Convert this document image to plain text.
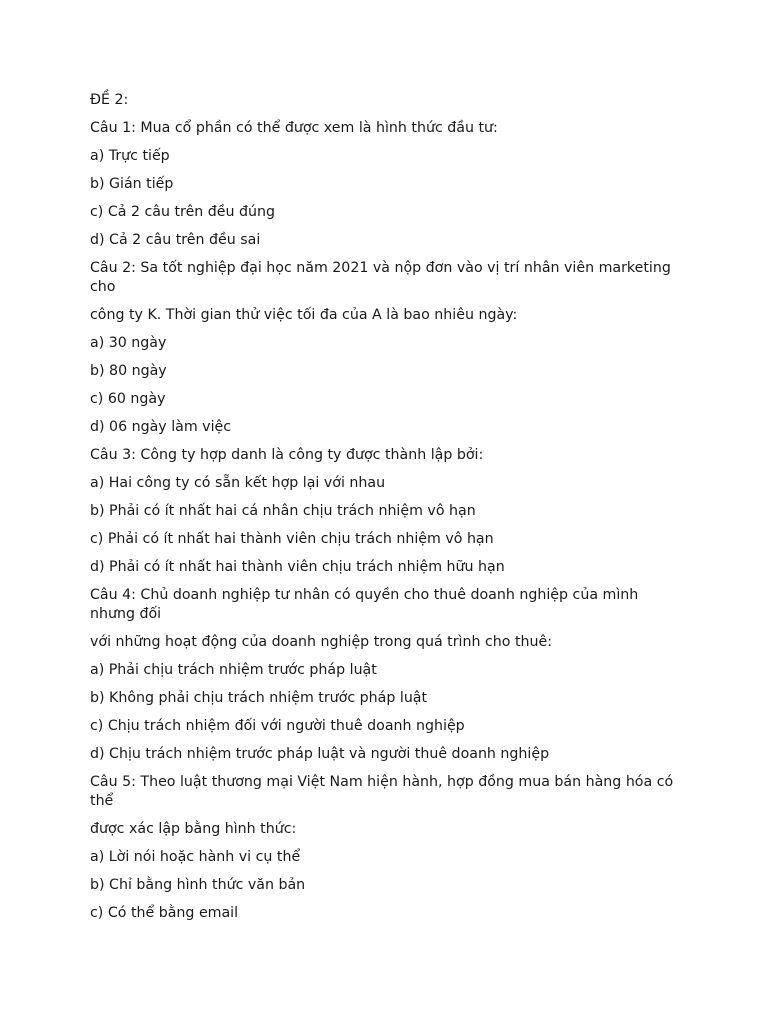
ĐỀ 2:

Câu 1: Mua cổ phần có thể được xem là hình thức đầu tư:

a) Trực tiếp

b) Gián tiếp

c) Cả 2 câu trên đều đúng

d) Cả 2 câu trên đều sai

Câu 2: Sa tốt nghiệp đại học năm 2021 và nộp đơn vào vị trí nhân viên marketing cho

công ty K. Thời gian thử việc tối đa của A là bao nhiêu ngày:

a) 30 ngày

b) 80 ngày

c) 60 ngày

d) 06 ngày làm việc

Câu 3: Công ty hợp danh là công ty được thành lập bởi:

a) Hai công ty có sẵn kết hợp lại với nhau

b) Phải có ít nhất hai cá nhân chịu trách nhiệm vô hạn

c) Phải có ít nhất hai thành viên chịu trách nhiệm vô hạn

d) Phải có ít nhất hai thành viên chịu trách nhiệm hữu hạn

Câu 4: Chủ doanh nghiệp tư nhân có quyền cho thuê doanh nghiệp của mình nhưng đối

với những hoạt động của doanh nghiệp trong quá trình cho thuê:

a) Phải chịu trách nhiệm trước pháp luật

b) Không phải chịu trách nhiệm trước pháp luật

c) Chịu trách nhiệm đối với người thuê doanh nghiệp

d) Chịu trách nhiệm trước pháp luật và người thuê doanh nghiệp

Câu 5: Theo luật thương mại Việt Nam hiện hành, hợp đồng mua bán hàng hóa có thể

được xác lập bằng hình thức:

a) Lời nói hoặc hành vi cụ thể

b) Chỉ bằng hình thức văn bản

c) Có thể bằng email
